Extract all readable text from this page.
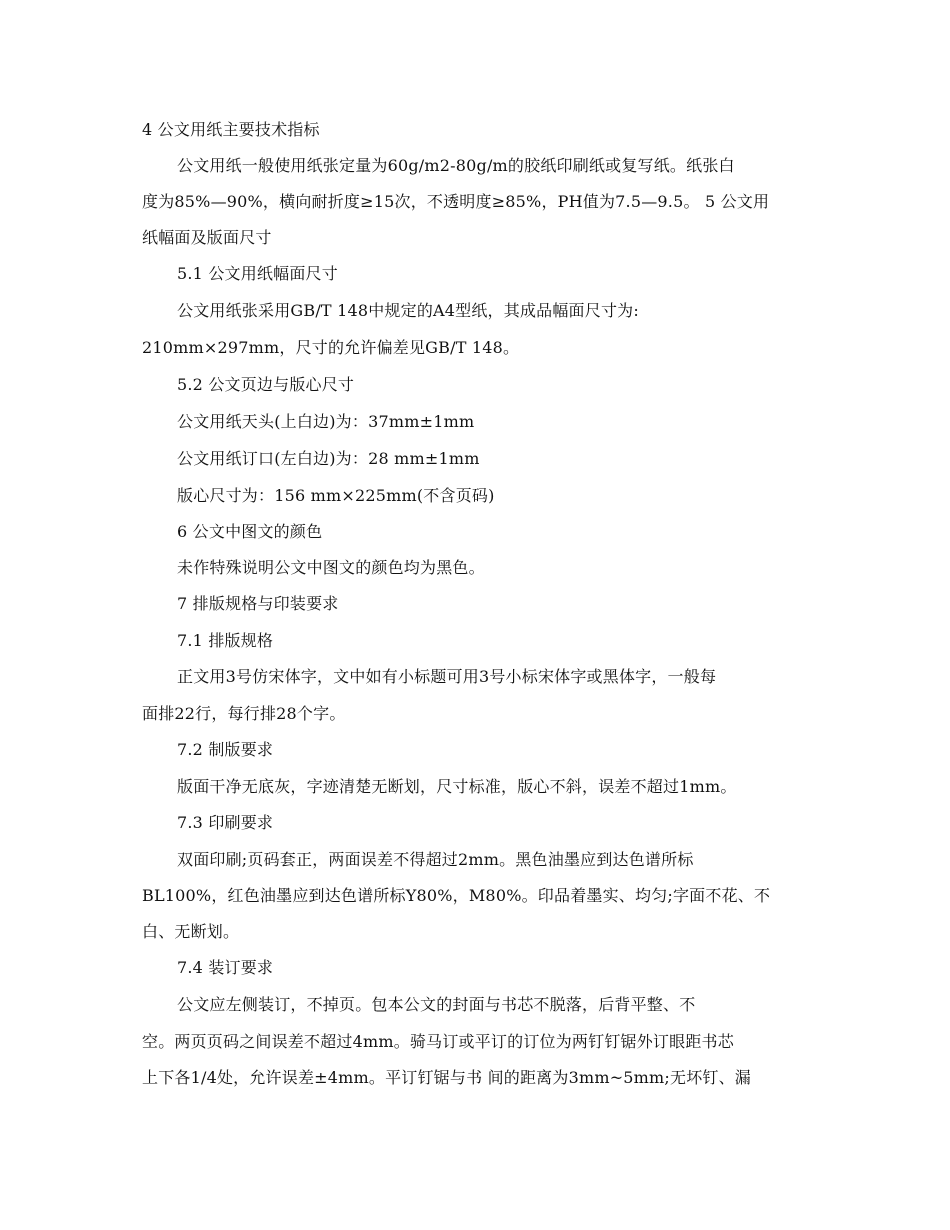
4 公文用纸主要技术指标
公文用纸一般使用纸张定量为60g/m2-80g/m的胶纸印刷纸或复写纸。纸张白
度为85%—90%，横向耐折度≥15次，不透明度≥85%，PH值为7.5—9.5。 5 公文用
纸幅面及版面尺寸
5.1 公文用纸幅面尺寸
公文用纸张采用GB/T 148中规定的A4型纸，其成品幅面尺寸为:
210mm×297mm，尺寸的允许偏差见GB/T 148。
5.2 公文页边与版心尺寸
公文用纸天头(上白边)为：37mm±1mm
公文用纸订口(左白边)为：28 mm±1mm
版心尺寸为：156 mm×225mm(不含页码)
6 公文中图文的颜色
未作特殊说明公文中图文的颜色均为黑色。
7 排版规格与印装要求
7.1 排版规格
正文用3号仿宋体字，文中如有小标题可用3号小标宋体字或黑体字，一般每
面排22行，每行排28个字。
7.2 制版要求
版面干净无底灰，字迹清楚无断划，尺寸标准，版心不斜，误差不超过1mm。
7.3 印刷要求
双面印刷;页码套正，两面误差不得超过2mm。黑色油墨应到达色谱所标
BL100%，红色油墨应到达色谱所标Y80%，M80%。印品着墨实、均匀;字面不花、不
白、无断划。
7.4 装订要求
公文应左侧装订，不掉页。包本公文的封面与书芯不脱落，后背平整、不
空。两页页码之间误差不超过4mm。骑马订或平订的订位为两钉钉锯外订眼距书芯
上下各1/4处，允许误差±4mm。平订钉锯与书 间的距离为3mm~5mm;无坏钉、漏
